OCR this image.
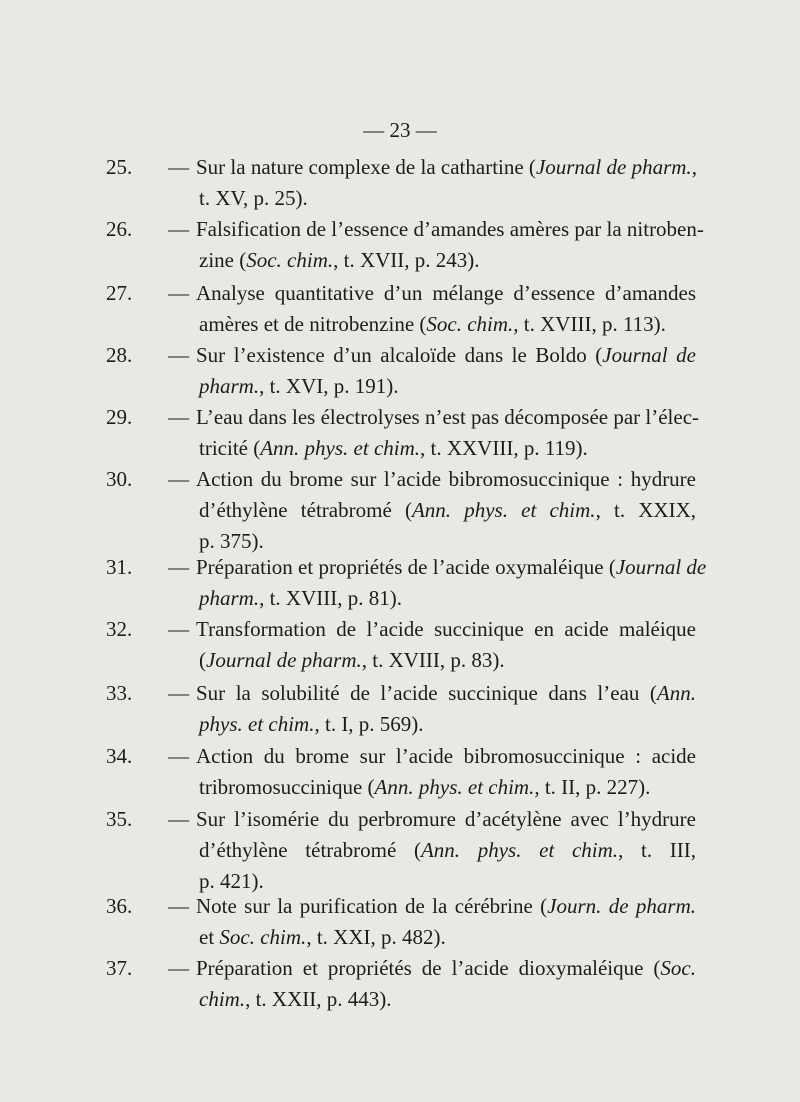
— 23 —
25. — Sur la nature complexe de la cathartine (Journal de pharm.,
t. XV, p. 25).
26. — Falsification de l’essence d’amandes amères par la nitroben-
zine (Soc. chim., t. XVII, p. 243).
27. — Analyse quantitative d’un mélange d’essence d’amandes
amères et de nitrobenzine (Soc. chim., t. XVIII, p. 113).
28. — Sur l’existence d’un alcaloïde dans le Boldo (Journal de
pharm., t. XVI, p. 191).
29. — L’eau dans les électrolyses n’est pas décomposée par l’élec-
tricité (Ann. phys. et chim., t. XXVIII, p. 119).
30. — Action du brome sur l’acide bibromosuccinique : hydrure
d’éthylène tétrabromé (Ann. phys. et chim., t. XXIX,
p. 375).
31. — Préparation et propriétés de l’acide oxymaléique (Journal de
pharm., t. XVIII, p. 81).
32. — Transformation de l’acide succinique en acide maléique
(Journal de pharm., t. XVIII, p. 83).
33. — Sur la solubilité de l’acide succinique dans l’eau (Ann.
phys. et chim., t. I, p. 569).
34. — Action du brome sur l’acide bibromosuccinique : acide
tribromosuccinique (Ann. phys. et chim., t. II, p. 227).
35. — Sur l’isomérie du perbromure d’acétylène avec l’hydrure
d’éthylène tétrabromé (Ann. phys. et chim., t. III,
p. 421).
36. — Note sur la purification de la cérébrine (Journ. de pharm.
et Soc. chim., t. XXI, p. 482).
37. — Préparation et propriétés de l’acide dioxymaléique (Soc.
chim., t. XXII, p. 443).
